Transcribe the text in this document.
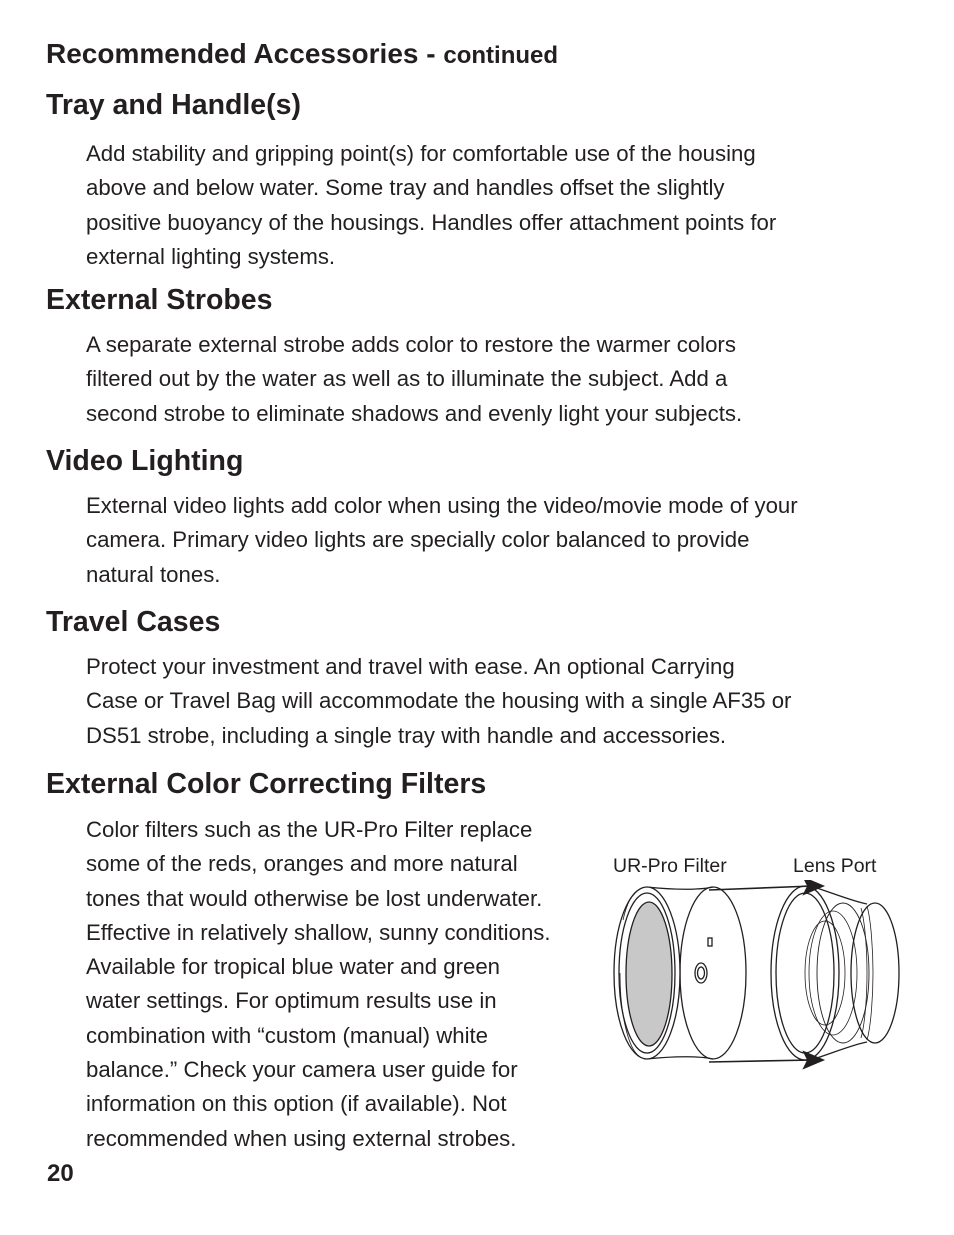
Recommended Accessories - continued
Tray and Handle(s)
Add stability and gripping point(s) for comfortable use of the housing
above and below water. Some tray and handles offset the slightly
positive buoyancy of the housings. Handles offer attachment points for
external lighting systems.
External Strobes
A separate external strobe adds color to restore the warmer colors
filtered out by the water as well as to illuminate the subject. Add a
second strobe to eliminate shadows and evenly light your subjects.
Video Lighting
External video lights add color when using the video/movie mode of your
camera. Primary video lights are specially color balanced to provide
natural tones.
Travel Cases
Protect your investment and travel with ease. An optional Carrying
Case or Travel Bag will accommodate the housing with a single AF35 or
DS51 strobe, including a single tray with handle and accessories.
External Color Correcting Filters
Color filters such as the UR-Pro Filter replace
some of the reds, oranges and more natural
tones that would otherwise be lost underwater.
Effective in relatively shallow, sunny conditions.
Available for tropical blue water and green
water settings. For optimum results use in
combination with “custom (manual) white
balance.” Check your camera user guide for
information on this option (if available). Not
recommended when using external strobes.
UR-Pro Filter	Lens Port
20
